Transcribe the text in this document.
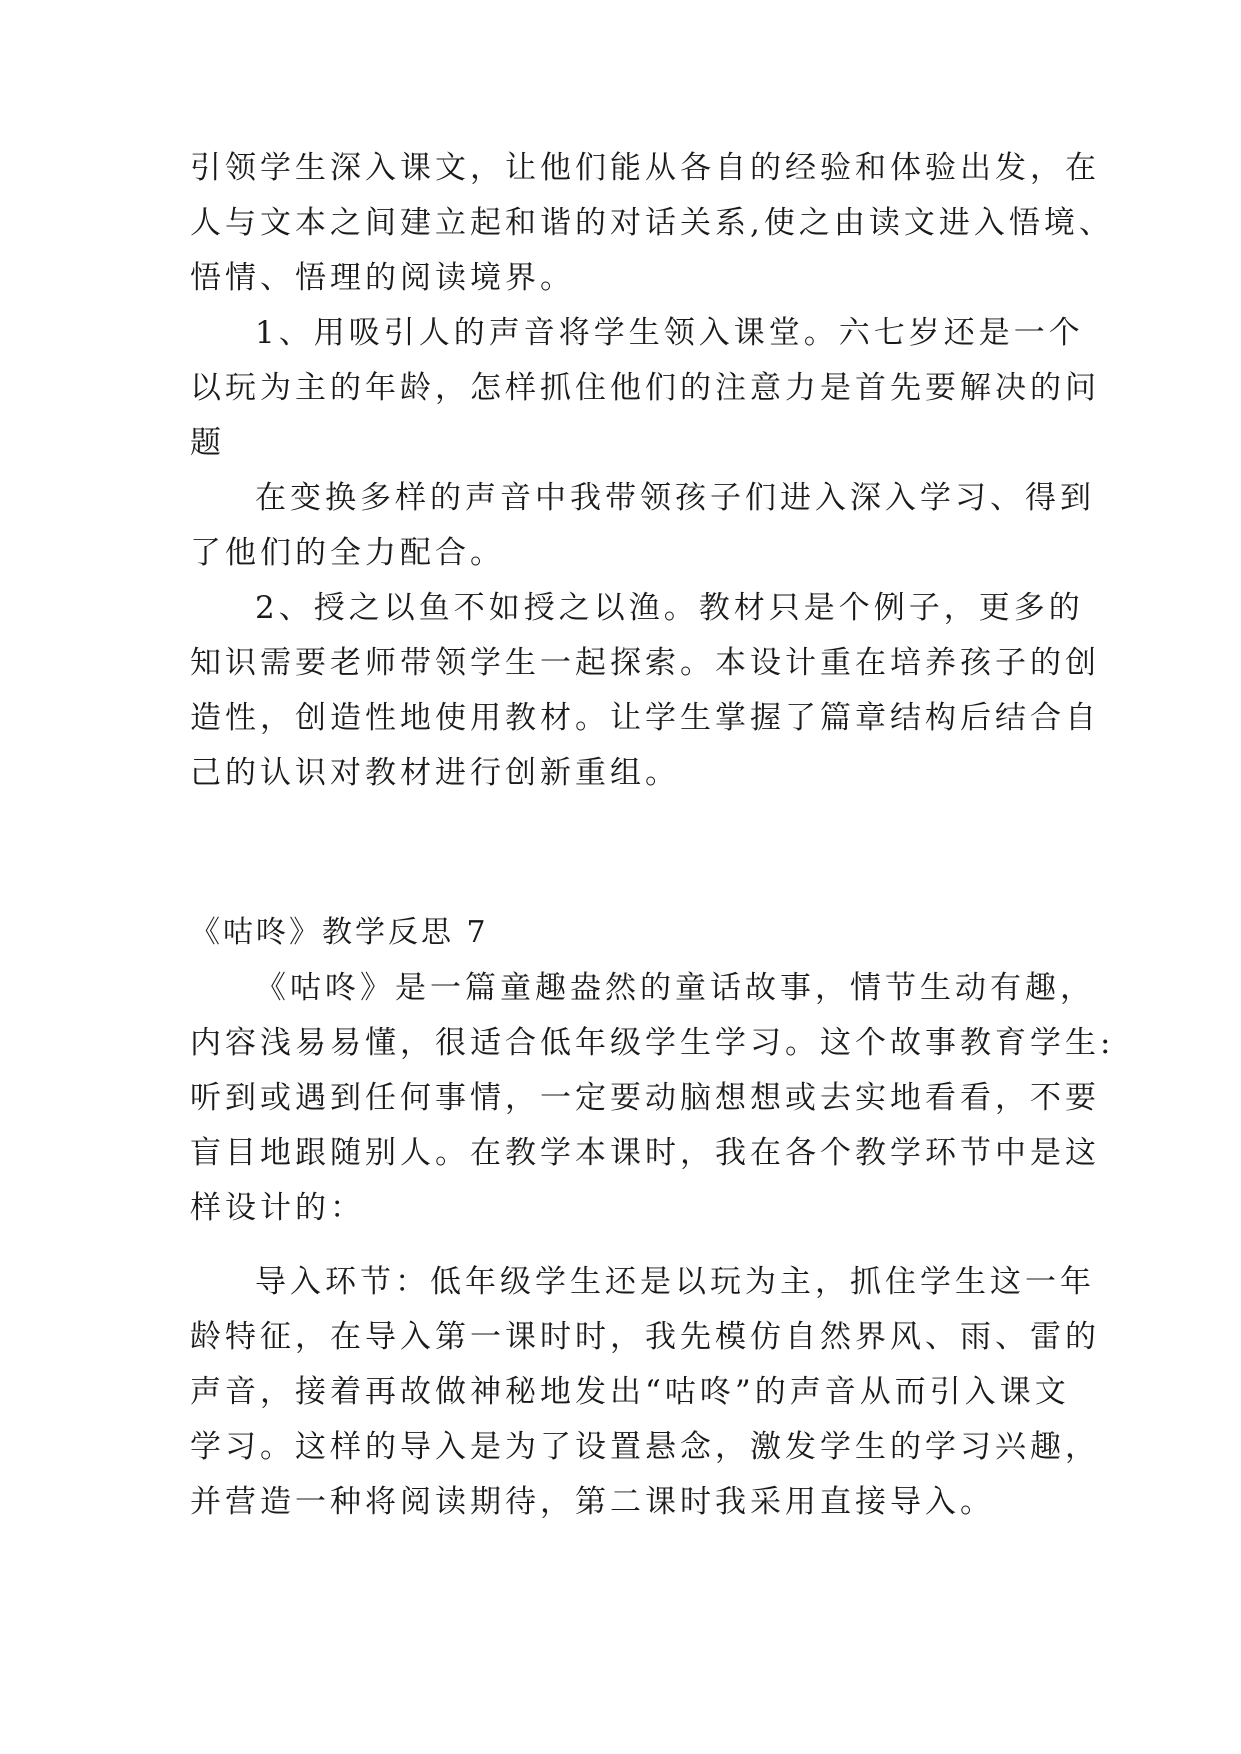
引领学生深入课文，让他们能从各自的经验和体验出发，在
人与文本之间建立起和谐的对话关系,使之由读文进入悟境、
悟情、悟理的阅读境界。
1、用吸引人的声音将学生领入课堂。六七岁还是一个
以玩为主的年龄，怎样抓住他们的注意力是首先要解决的问
题
在变换多样的声音中我带领孩子们进入深入学习、得到
了他们的全力配合。
2、授之以鱼不如授之以渔。教材只是个例子，更多的
知识需要老师带领学生一起探索。本设计重在培养孩子的创
造性，创造性地使用教材。让学生掌握了篇章结构后结合自
己的认识对教材进行创新重组。
《咕咚》教学反思 7
《咕咚》是一篇童趣盎然的童话故事，情节生动有趣，
内容浅易易懂，很适合低年级学生学习。这个故事教育学生:
听到或遇到任何事情，一定要动脑想想或去实地看看，不要
盲目地跟随别人。在教学本课时，我在各个教学环节中是这
样设计的：
导入环节：低年级学生还是以玩为主，抓住学生这一年
龄特征，在导入第一课时时，我先模仿自然界风、雨、雷的
声音，接着再故做神秘地发出“咕咚”的声音从而引入课文
学习。这样的导入是为了设置悬念，激发学生的学习兴趣，
并营造一种将阅读期待，第二课时我采用直接导入。
